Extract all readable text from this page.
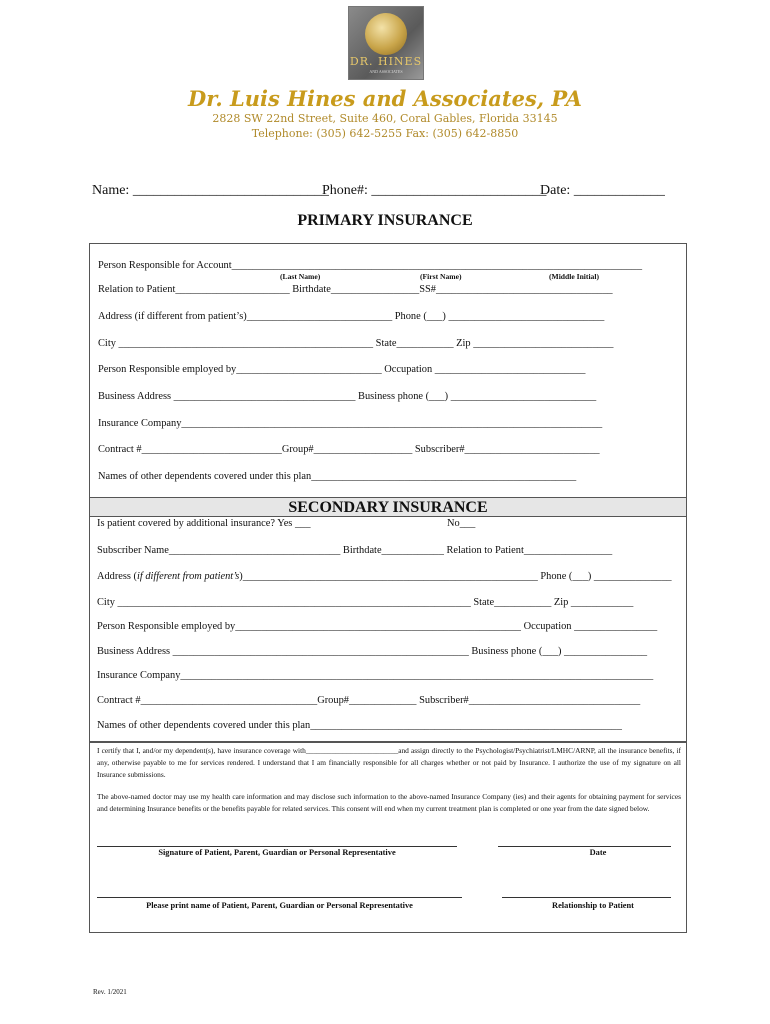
DR. HINES
AND ASSOCIATES
Dr. Luis Hines and Associates, PA
2828 SW 22nd Street, Suite 460, Coral Gables, Florida 33145
Telephone: (305) 642-5255 Fax: (305) 642-8850
Name: ____________________________
Phone#: _________________________
Date: _____________
PRIMARY INSURANCE
Person Responsible for Account_______________________________________________________________________________
(Last Name)	(First Name)	(Middle Initial)
Relation to Patient______________________ Birthdate_________________SS#__________________________________
Address (if different from patient’s)____________________________ Phone (___) ______________________________
City _________________________________________________ State___________ Zip ___________________________
Person Responsible employed by____________________________ Occupation _____________________________
Business Address ___________________________________ Business phone (___) ____________________________
Insurance Company_________________________________________________________________________________
Contract #___________________________Group#___________________ Subscriber#__________________________
Names of other dependents covered under this plan___________________________________________________
SECONDARY INSURANCE
Is patient covered by additional insurance? Yes ___	No___
Subscriber Name_________________________________ Birthdate____________ Relation to Patient_________________
Address (if different from patient’s)_________________________________________________________ Phone (___) _______________
City ____________________________________________________________________ State___________ Zip ____________
Person Responsible employed by_______________________________________________________ Occupation ________________
Business Address _________________________________________________________ Business phone (___) ________________
Insurance Company___________________________________________________________________________________________
Contract #__________________________________Group#_____________ Subscriber#_________________________________
Names of other dependents covered under this plan____________________________________________________________
I certify that I, and/or my dependent(s), have insurance coverage with_________________________and assign directly to the Psychologist/Psychiatrist/LMHC/ARNP, all the insurance benefits, if any, otherwise payable to me for services rendered. I understand that I am financially responsible for all charges whether or not paid by Insurance. I authorize the use of my signature on all Insurance submissions.
The above-named doctor may use my health care information and may disclose such information to the above-named Insurance Company (ies) and their agents for obtaining payment for services and determining Insurance benefits or the benefits payable for related services. This consent will end when my current treatment plan is completed or one year from the date signed below.
Signature of Patient, Parent, Guardian or Personal Representative	Date
Please print name of Patient, Parent, Guardian or Personal Representative	Relationship to Patient
Rev. 1/2021
